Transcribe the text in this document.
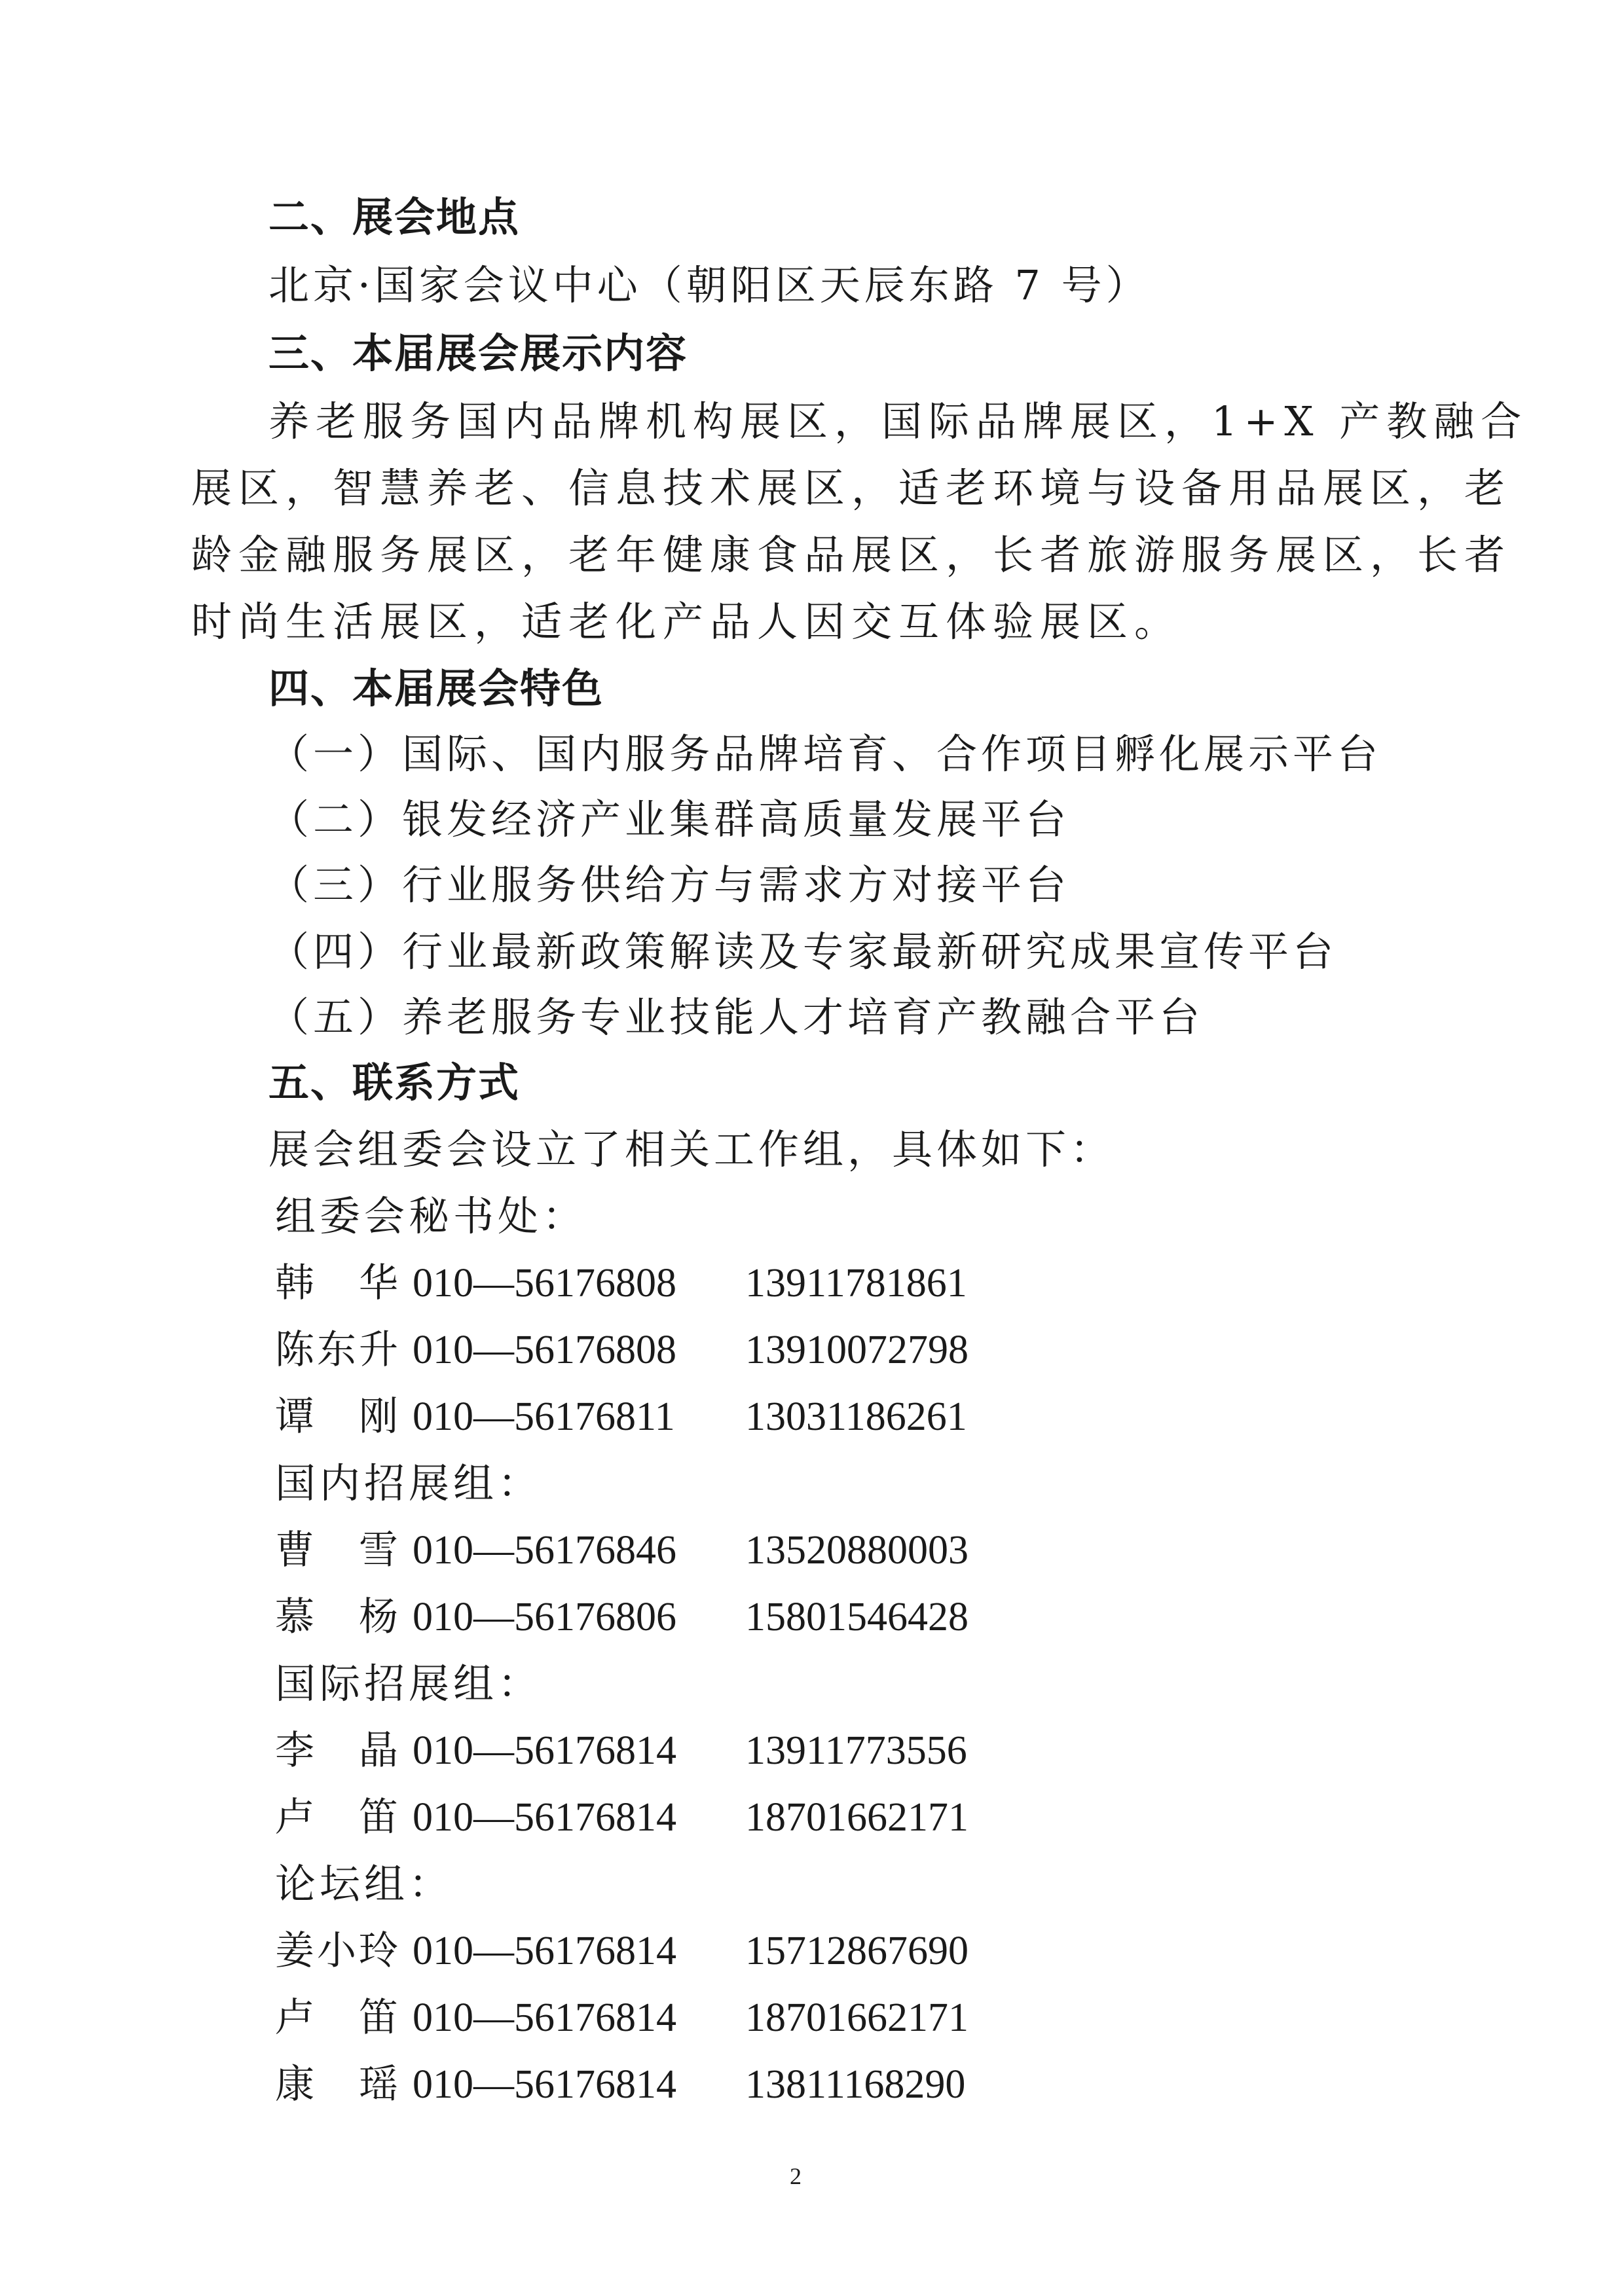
二、展会地点
北京·国家会议中心（朝阳区天辰东路 7 号）
三、本届展会展示内容
养老服务国内品牌机构展区，国际品牌展区，1+X 产教融合
展区，智慧养老、信息技术展区，适老环境与设备用品展区，老
龄金融服务展区，老年健康食品展区，长者旅游服务展区，长者
时尚生活展区，适老化产品人因交互体验展区。
四、本届展会特色
（一）国际、国内服务品牌培育、合作项目孵化展示平台
（二）银发经济产业集群高质量发展平台
（三）行业服务供给方与需求方对接平台
（四）行业最新政策解读及专家最新研究成果宣传平台
（五）养老服务专业技能人才培育产教融合平台
五、联系方式
展会组委会设立了相关工作组，具体如下：
组委会秘书处：
韩华
010—56176808 13911781861
陈东升 010—56176808 13910072798
谭刚
010—56176811 13031186261
国内招展组：
曹雪
010—56176846 13520880003
慕杨
010—56176806 15801546428
国际招展组：
李晶
010—56176814 13911773556
卢笛
010—56176814 18701662171
论坛组：
姜小玲 010—56176814 15712867690
卢笛
010—56176814 18701662171
康瑶
010—56176814 13811168290
2
